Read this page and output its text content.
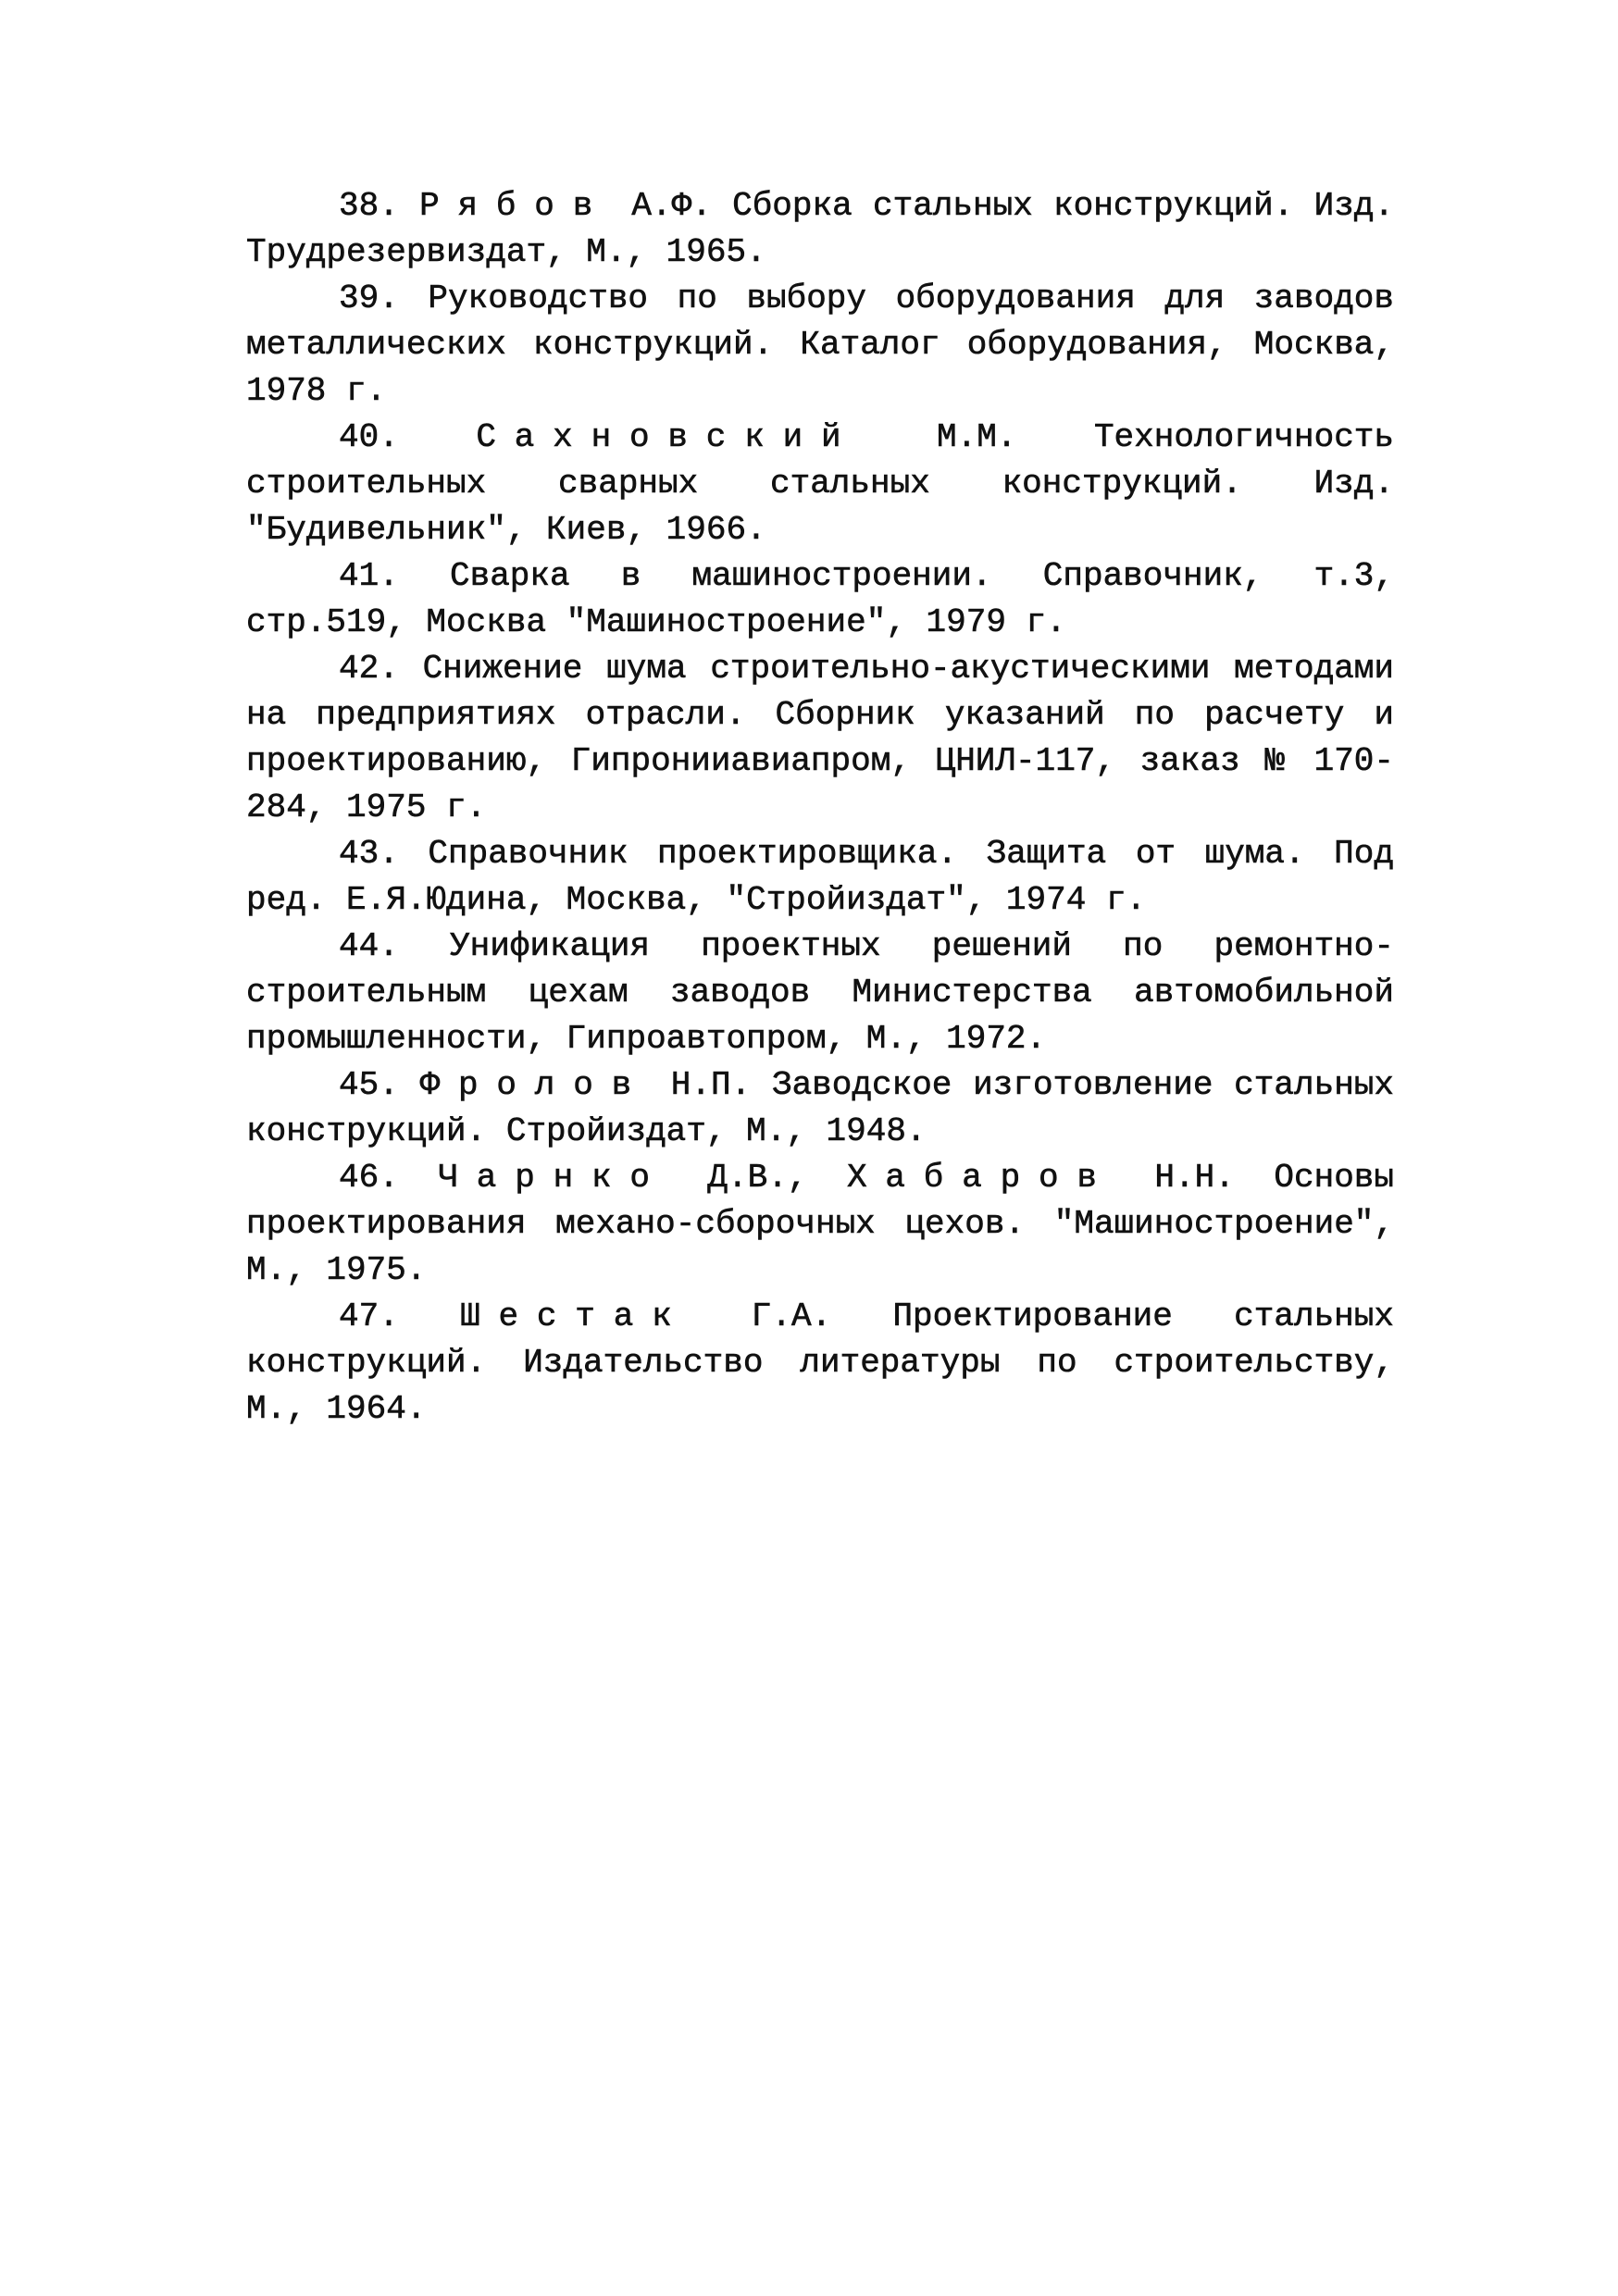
38. Рябов А.Ф. Сборка стальных конструкций. Изд. Трудрезервиздат, М., 1965.

39. Руководство по выбору оборудования для заводов металлических конструкций. Каталог оборудования, Москва, 1978 г.

40. Сахновский М.М. Технологичность строительных сварных стальных конструкций. Изд. "Будивельник", Киев, 1966.

41. Сварка в машиностроении. Справочник, т.3, стр.519, Москва "Машиностроение", 1979 г.

42. Снижение шума строительно-акустическими методами на предприятиях отрасли. Сборник указаний по расчету и проектированию, Гипронииавиапром, ЦНИЛ-117, заказ № 170-284, 1975 г.

43. Справочник проектировщика. Защита от шума. Под ред. Е.Я.Юдина, Москва, "Стройиздат", 1974 г.

44. Унификация проектных решений по ремонтно-строительным цехам заводов Министерства автомобильной промышленности, Гипроавтопром, М., 1972.

45. Фролов Н.П. Заводское изготовление стальных конструкций. Стройиздат, М., 1948.

46. Чарнко Д.В., Хабаров Н.Н. Основы проектирования механо-сборочных цехов. "Машиностроение", М., 1975.

47. Шестак Г.А. Проектирование стальных конструкций. Издательство литературы по строительству, М., 1964.
